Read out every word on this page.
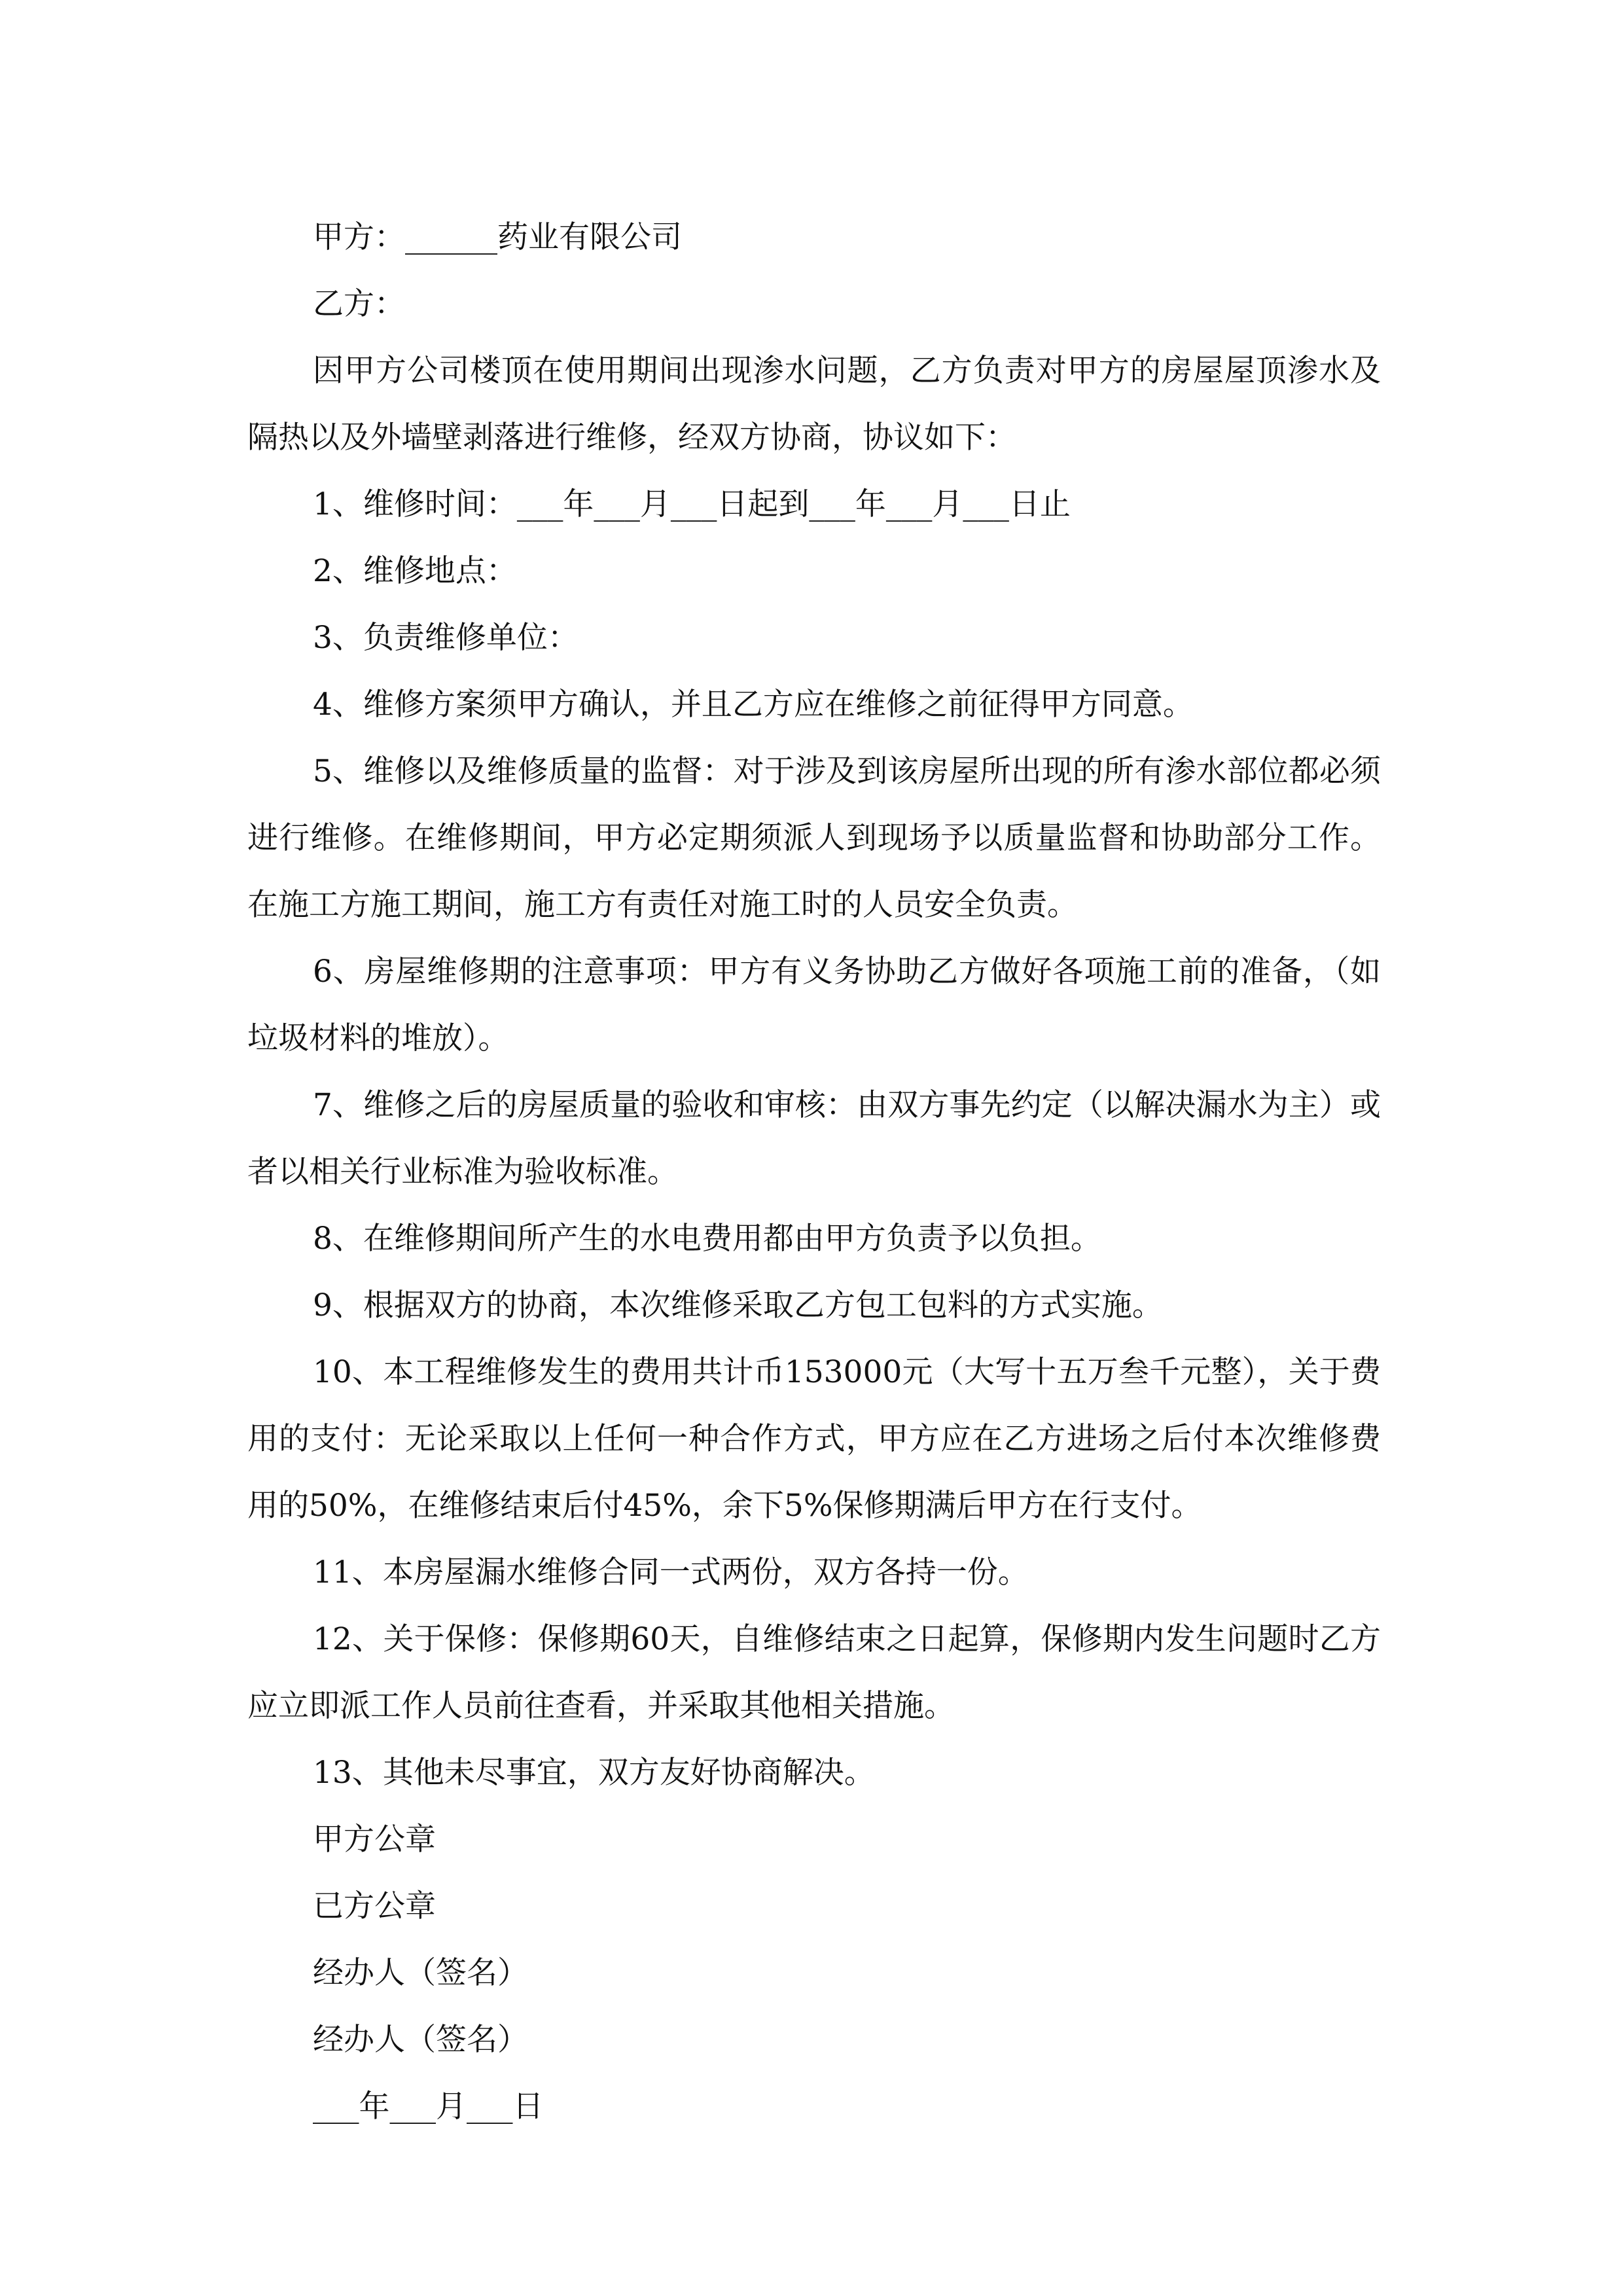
甲方：______药业有限公司

乙方：

因甲方公司楼顶在使用期间出现渗水问题，乙方负责对甲方的房屋屋顶渗水及隔热以及外墙壁剥落进行维修，经双方协商，协议如下：

1、维修时间：___年___月___日起到___年___月___日止

2、维修地点：

3、负责维修单位：

4、维修方案须甲方确认，并且乙方应在维修之前征得甲方同意。

5、维修以及维修质量的监督：对于涉及到该房屋所出现的所有渗水部位都必须进行维修。在维修期间，甲方必定期须派人到现场予以质量监督和协助部分工作。在施工方施工期间，施工方有责任对施工时的人员安全负责。

6、房屋维修期的注意事项：甲方有义务协助乙方做好各项施工前的准备，（如垃圾材料的堆放）。

7、维修之后的房屋质量的验收和审核：由双方事先约定（以解决漏水为主）或者以相关行业标准为验收标准。

8、在维修期间所产生的水电费用都由甲方负责予以负担。

9、根据双方的协商，本次维修采取乙方包工包料的方式实施。

10、本工程维修发生的费用共计币153000元（大写十五万叁千元整），关于费用的支付：无论采取以上任何一种合作方式，甲方应在乙方进场之后付本次维修费用的50%，在维修结束后付45%，余下5%保修期满后甲方在行支付。

11、本房屋漏水维修合同一式两份，双方各持一份。

12、关于保修：保修期60天，自维修结束之日起算，保修期内发生问题时乙方应立即派工作人员前往查看，并采取其他相关措施。

13、其他未尽事宜，双方友好协商解决。

甲方公章

已方公章

经办人（签名）

经办人（签名）

___年___月___日
